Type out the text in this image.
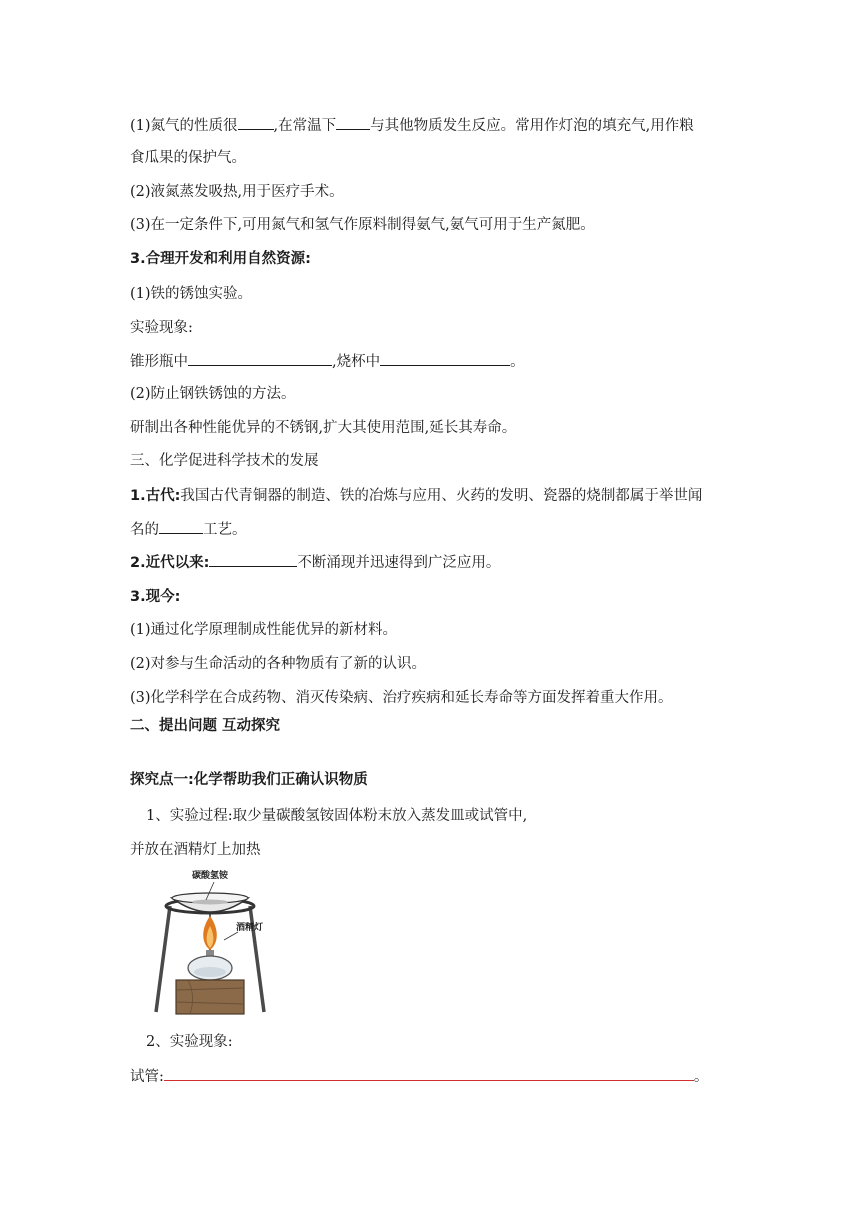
(1)氮气的性质很 ,在常温下 与其他物质发生反应。常用作灯泡的填充气,用作粮
食瓜果的保护气。
(2)液氮蒸发吸热,用于医疗手术。
(3)在一定条件下,可用氮气和氢气作原料制得氨气,氨气可用于生产氮肥。
3.合理开发和利用自然资源:
(1)铁的锈蚀实验。
实验现象:
锥形瓶中	,烧杯中	。
(2)防止钢铁锈蚀的方法。
研制出各种性能优异的不锈钢,扩大其使用范围,延长其寿命。
三、化学促进科学技术的发展
1.古代:我国古代青铜器的制造、铁的冶炼与应用、火药的发明、瓷器的烧制都属于举世闻
名的	工艺。
2.近代以来:	不断涌现并迅速得到广泛应用。
3.现今:
(1)通过化学原理制成性能优异的新材料。
(2)对参与生命活动的各种物质有了新的认识。
(3)化学科学在合成药物、消灭传染病、治疗疾病和延长寿命等方面发挥着重大作用。
二、提出问题 互动探究
探究点一:化学帮助我们正确认识物质
1、实验过程:取少量碳酸氢铵固体粉末放入蒸发皿或试管中,
并放在酒精灯上加热
碳酸氢铵
酒精灯
2、实验现象:
试管:	。
